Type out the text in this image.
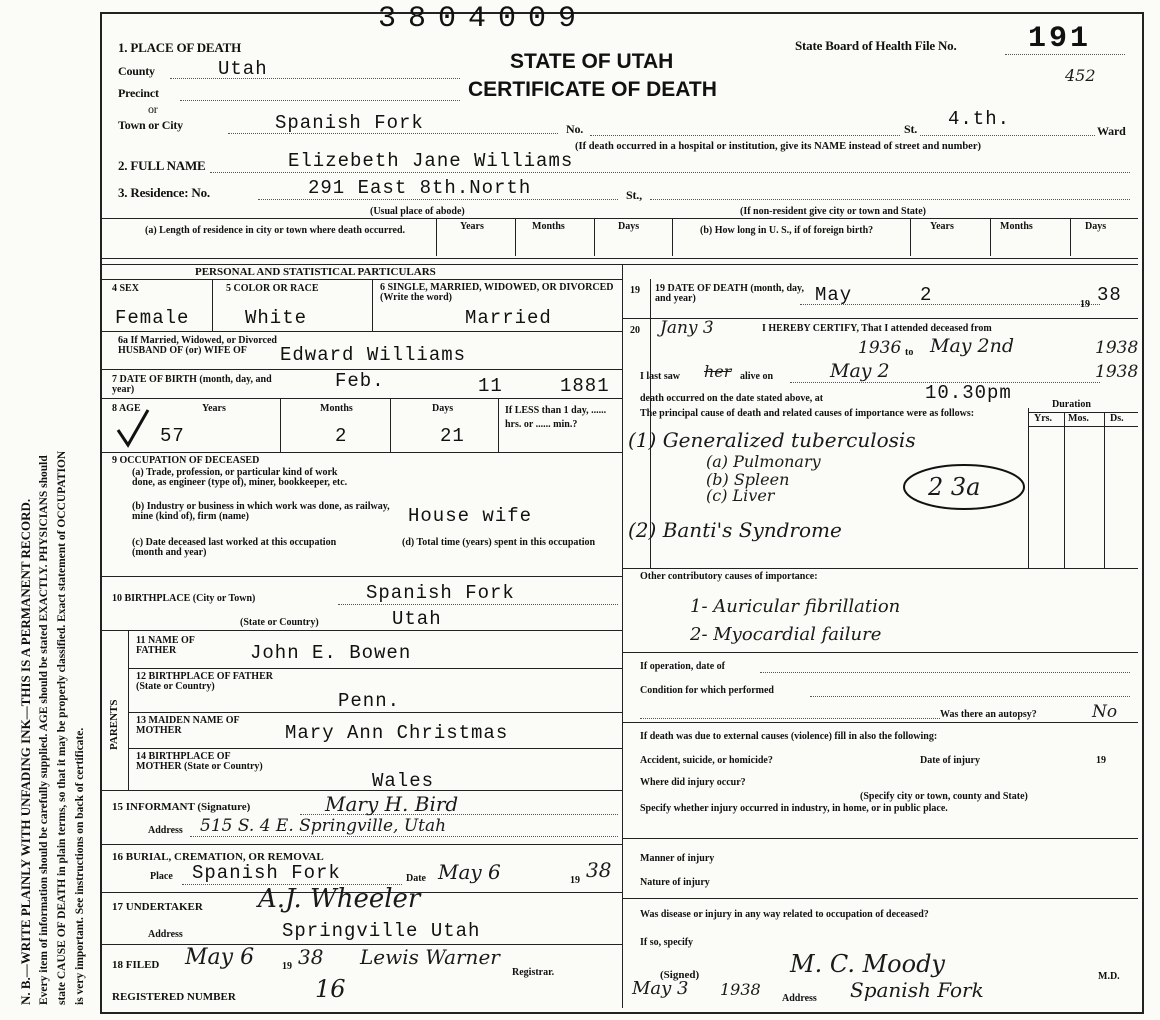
N. B.—WRITE PLAINLY WITH UNFADING INK—THIS IS A PERMANENT RECORD. Every item of information should be carefully supplied. AGE should be stated EXACTLY. PHYSICIANS should state CAUSE OF DEATH in plain terms, so that it may be properly classified. Exact statement of OCCUPATION is very important. See instructions on back of certificate.
3804009
1. PLACE OF DEATH
County	Utah
Precinct
or
Town or City	Spanish Fork	No.	St. 4.th.
Ward
(If death occurred in a hospital or institution, give its NAME instead of street and number)
STATE OF UTAH
CERTIFICATE OF DEATH
State Board of Health File No. 191
452
2. FULL NAME	Elizebeth Jane Williams
3. Residence: No.	291 East 8th.North	St.,
(Usual place of abode)	(If non-resident give city or town and State)
(a) Length of residence in city or town where death occurred.	Years	Months	Days	(b) How long in U. S., if of foreign birth?	Years	Months	Days
PERSONAL AND STATISTICAL PARTICULARS
4 SEX
Female
5 COLOR OR RACE
White
6 SINGLE, MARRIED, WIDOWED, OR DIVORCED (Write the word)
Married
6a If Married, Widowed, or Divorced HUSBAND OF (or) WIFE OF	Edward Williams
7 DATE OF BIRTH (month, day, and year)	Feb.	11	1881
8 AGE	Years	Months	Days	If LESS than 1 day, ...... hrs. or ...... min.?
57	2	21
9 OCCUPATION OF DECEASED
(a) Trade, profession, or particular kind of work done, as engineer (type of), miner, bookkeeper, etc.
(b) Industry or business in which work was done, as railway, mine (kind of), firm (name)	House wife
(c) Date deceased last worked at this occupation (month and year)
(d) Total time (years) spent in this occupation
10 BIRTHPLACE (City or Town)	Spanish Fork
(State or Country)	Utah
PARENTS
11 NAME OF FATHER	John E. Bowen
12 BIRTHPLACE OF FATHER (State or Country)
Penn.
13 MAIDEN NAME OF MOTHER	Mary Ann Christmas
14 BIRTHPLACE OF MOTHER (State or Country)
Wales
15 INFORMANT (Signature)	Mary H. Bird
Address 515 S. 4 E. Springville, Utah
16 BURIAL, CREMATION, OR REMOVAL
Place Spanish Fork	Date May 6	19 38
17 UNDERTAKER A.J. Wheeler
Address	Springville Utah
18 FILED May 6	19 38 Lewis Warner
Registrar.
REGISTERED NUMBER	16
19 19 DATE OF DEATH (month, day, and year)	May	2	19 38
20 Jany 3	I HEREBY CERTIFY, That I attended deceased from
1936 to May 2nd	1938
I last saw her alive on	May 2	1938
death occurred on the date stated above, at	10.30pm
Duration
The principal cause of death and related causes of importance were as follows:	Yrs. Mos. Ds.
(1) Generalized tuberculosis
(a) Pulmonary
(b) Spleen
(c) Liver	2 3a
(2) Banti's Syndrome
Other contributory causes of importance:
1- Auricular fibrillation
2- Myocardial failure
If operation, date of
Condition for which performed
Was there an autopsy?	No
If death was due to external causes (violence) fill in also the following:
Accident, suicide, or homicide?	Date of injury	19
Where did injury occur?
(Specify city or town, county and State)
Specify whether injury occurred in industry, in home, or in public place.
Manner of injury
Nature of injury
Was disease or injury in any way related to occupation of deceased?
If so, specify
(Signed)	M. C. Moody	M.D.
May 3 1938 Address Spanish Fork
